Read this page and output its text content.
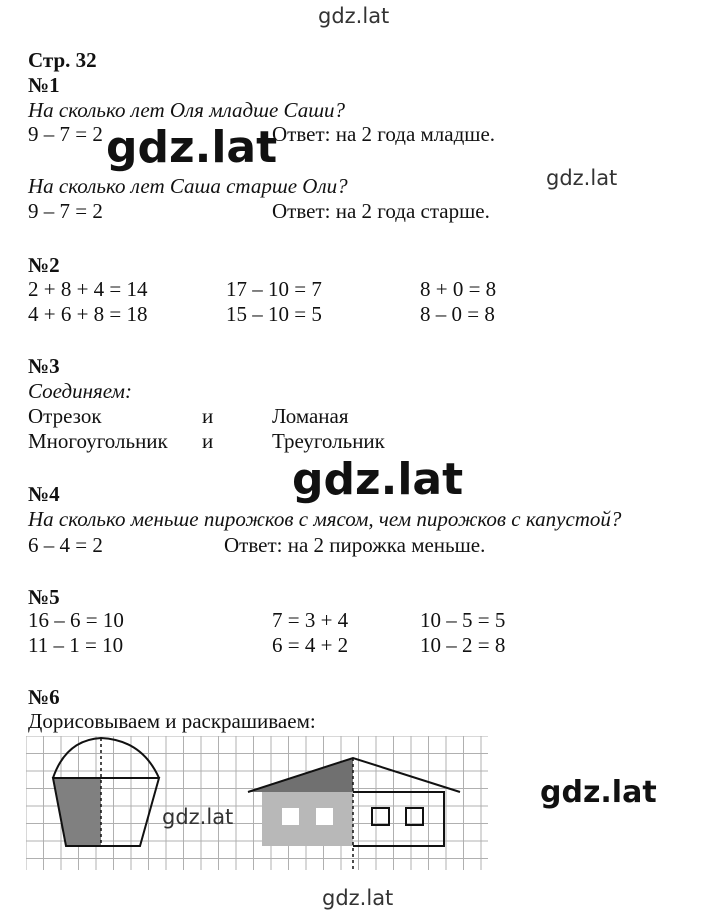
gdz.lat
gdz.lat
gdz.lat
gdz.lat
gdz.lat
gdz.lat
Стр. 32
№1
На сколько лет Оля младше Саши?
9 – 7 = 2	Ответ: на 2 года младше.
На сколько лет Саша старше Оли?
9 – 7 = 2	Ответ: на 2 года старше.
№2
2 + 8 + 4 = 14	17 – 10 = 7	8 + 0 = 8
4 + 6 + 8 = 18	15 – 10 = 5	8 – 0 = 8
№3
Соединяем:
Отрезок	и	Ломаная
Многоугольник и	Треугольник
№4
На сколько меньше пирожков с мясом, чем пирожков с капустой?
6 – 4 = 2	Ответ: на 2 пирожка меньше.
№5
16 – 6 = 10	7 = 3 + 4	10 – 5 = 5
11 – 1 = 10	6 = 4 + 2	10 – 2 = 8
№6
Дорисовываем и раскрашиваем:
gdz.lat
